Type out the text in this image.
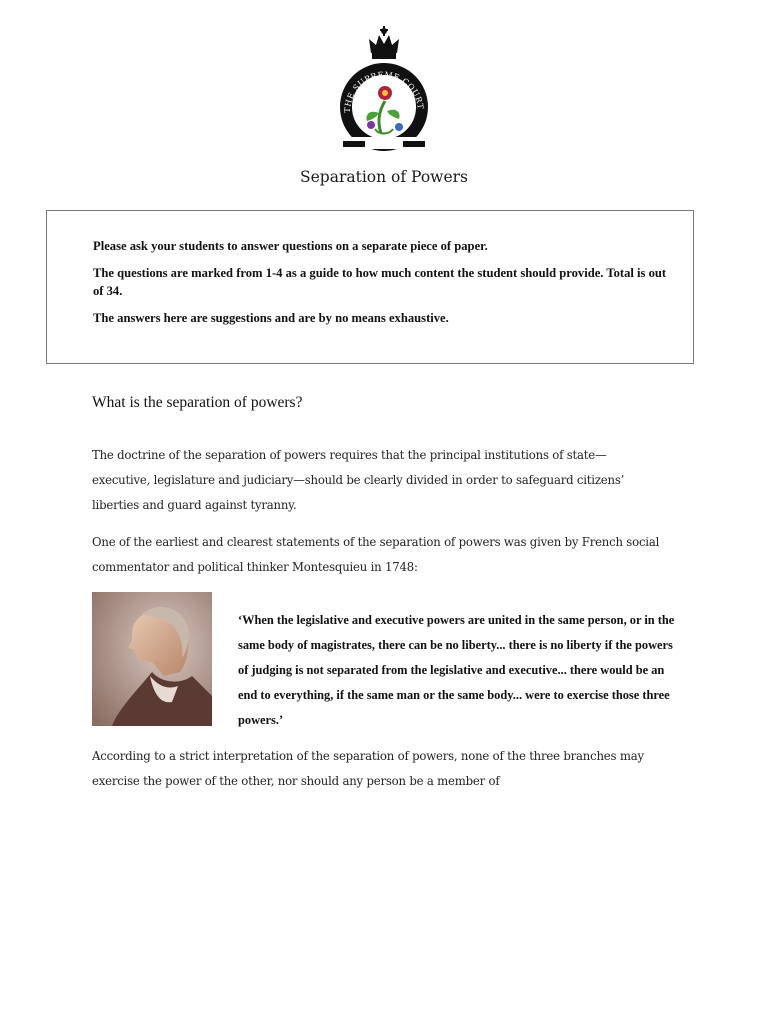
THE SUPREME COURT
Separation of Powers

Please ask your students to answer questions on a separate piece of paper.

The questions are marked from 1-4 as a guide to how much content the student should provide. Total is out of 34.

The answers here are suggestions and are by no means exhaustive.

What is the separation of powers?
The doctrine of the separation of powers requires that the principal institutions of state—executive, legislature and judiciary—should be clearly divided in order to safeguard citizens’ liberties and guard against tyranny.
One of the earliest and clearest statements of the separation of powers was given by French social commentator and political thinker Montesquieu in 1748:
‘When the legislative and executive powers are united in the same person, or in the same body of magistrates, there can be no liberty... there is no liberty if the powers of judging is not separated from the legislative and executive... there would be an end to everything, if the same man or the same body... were to exercise those three powers.’
According to a strict interpretation of the separation of powers, none of the three branches may exercise the power of the other, nor should any person be a member of
